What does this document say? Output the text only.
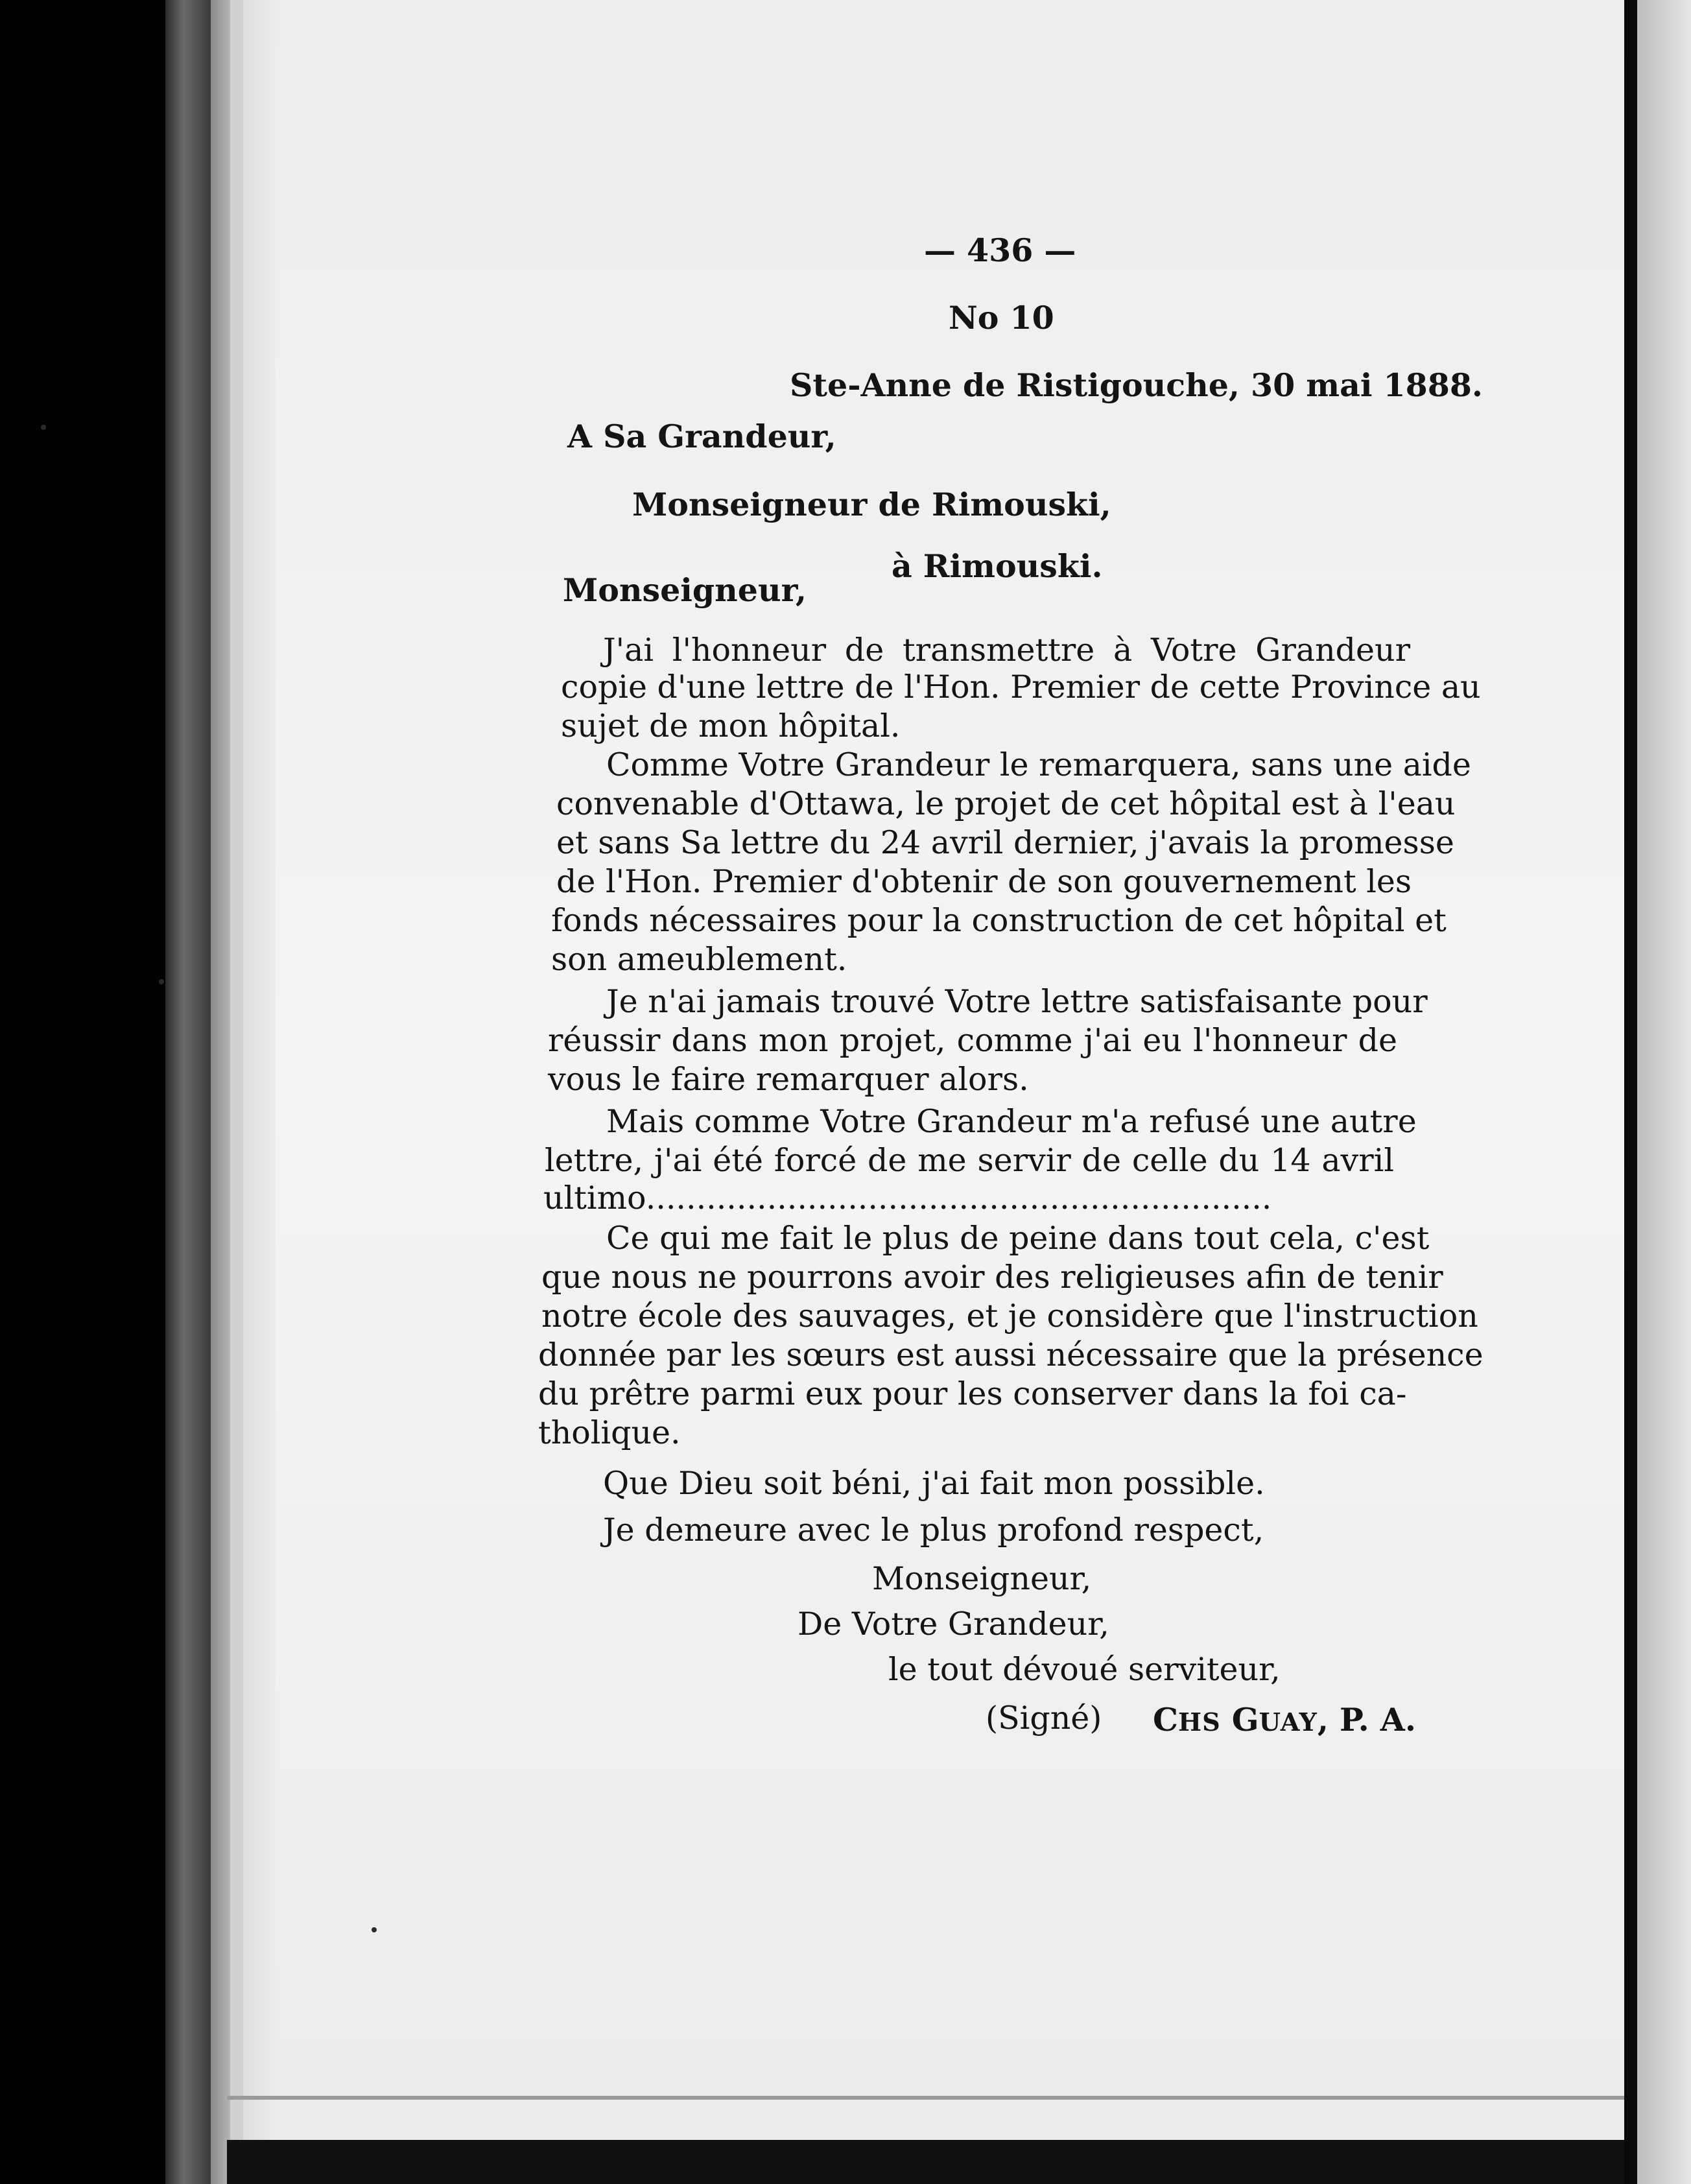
— 436 —
No 10
Ste-Anne de Ristigouche, 30 mai 1888.
A Sa Grandeur,
Monseigneur de Rimouski,
à Rimouski.
Monseigneur,
J'ai l'honneur de transmettre à Votre Grandeur
copie d'une lettre de l'Hon. Premier de cette Province au
sujet de mon hôpital.
Comme Votre Grandeur le remarquera, sans une aide
convenable d'Ottawa, le projet de cet hôpital est à l'eau
et sans Sa lettre du 24 avril dernier, j'avais la promesse
de l'Hon. Premier d'obtenir de son gouvernement les
fonds nécessaires pour la construction de cet hôpital et
son ameublement.
Je n'ai jamais trouvé Votre lettre satisfaisante pour
réussir dans mon projet, comme j'ai eu l'honneur de
vous le faire remarquer alors.
Mais comme Votre Grandeur m'a refusé une autre
lettre, j'ai été forcé de me servir de celle du 14 avril
ultimo..............................................................
Ce qui me fait le plus de peine dans tout cela, c'est
que nous ne pourrons avoir des religieuses afin de tenir
notre école des sauvages, et je considère que l'instruction
donnée par les sœurs est aussi nécessaire que la présence
du prêtre parmi eux pour les conserver dans la foi ca-
tholique.
Que Dieu soit béni, j'ai fait mon possible.
Je demeure avec le plus profond respect,
Monseigneur,
De Votre Grandeur,
le tout dévoué serviteur,
(Signé) CHS GUAY, P. A.
